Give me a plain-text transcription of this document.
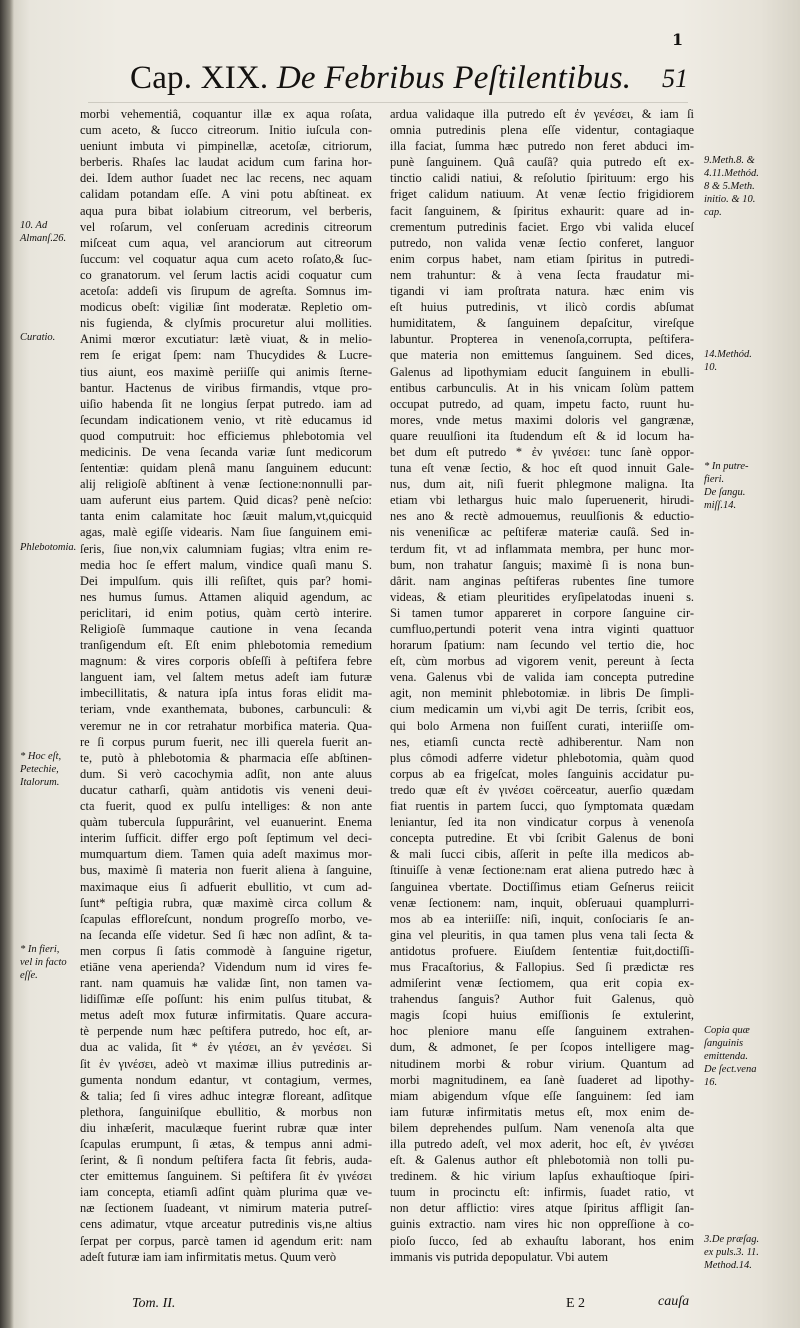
1
Cap. XIX. De Febribus Peſtilentibus.	51
morbi vehementiâ, coquantur illæ ex aqua roſata,
cum aceto, & ſucco citreorum. Initio iuſcula con-
ueniunt imbuta vi pimpinellæ, acetoſæ, citriorum,
berberis. Rhaſes lac laudat acidum cum farina hor-
dei. Idem author ſuadet nec lac recens, nec aquam
calidam potandam eſſe. A vini potu abſtineat. ex
aqua pura bibat iolabium citreorum, vel berberis,
vel roſarum, vel conſeruam acredinis citreorum
miſceat cum aqua, vel aranciorum aut citreorum
ſuccum: vel coquatur aqua cum aceto roſato,& ſuc-
co granatorum. vel ſerum lactis acidi coquatur cum
acetoſa: addeſi vis ſirupum de agreſta. Somnus im-
modicus obeſt: vigiliæ ſint moderatæ. Repletio om-
nis fugienda, & clyſmis procuretur alui mollities.
Animi mœror excutiatur: lætè viuat, & in melio-
rem ſe erigat ſpem: nam Thucydides & Lucre-
tius aiunt, eos maximè periiſſe qui animis ſterne-
bantur. Hactenus de viribus firmandis, vtque pro-
uiſio habenda ſit ne longius ſerpat putredo. iam ad
ſecundam indicationem venio, vt ritè educamus id
quod computruit: hoc efficiemus phlebotomia vel
medicinis. De vena ſecanda variæ ſunt medicorum
ſententiæ: quidam plenâ manu ſanguinem educunt:
alij religioſè abſtinent à venæ ſectione:nonnulli par-
uam auferunt eius partem. Quid dicas? penè neſcio:
tanta enim calamitate hoc ſæuit malum,vt,quicquid
agas, malè egiſſe videaris. Nam ſiue ſanguinem emi-
ſeris, ſiue non,vix calumniam fugias; vltra enim re-
media hoc ſe effert malum, vindice quaſi manu S.
Dei impulſum. quis illi reſiſtet, quis par? homi-
nes humus ſumus. Attamen aliquid agendum, ac
periclitari, id enim potius, quàm certò interire.
Religioſè ſummaque cautione in vena ſecanda
tranſigendum eſt. Eſt enim phlebotomia remedium
magnum: & vires corporis obſeſſi à peſtifera febre
languent iam, vel ſaltem metus adeſt iam futuræ
imbecillitatis, & natura ipſa intus foras elidit ma-
teriam, vnde exanthemata, bubones, carbunculi: &
veremur ne in cor retrahatur morbifica materia. Qua-
re ſi corpus purum fuerit, nec illi querela fuerit an-
te, putò à phlebotomia & pharmacia eſſe abſtinen-
dum. Si verò cacochymia adſit, non ante aluus
ducatur catharſi, quàm antidotis vis veneni deui-
cta fuerit, quod ex pulſu intelliges: & non ante
quàm tubercula ſuppurârint, vel euanuerint. Enema
interim ſufficit. differ ergo poſt ſeptimum vel deci-
mumquartum diem. Tamen quia adeſt maximus mor-
bus, maximè ſi materia non fuerit aliena à ſanguine,
maximaque eius ſi adfuerit ebullitio, vt cum ad-
ſunt* peſtigia rubra, quæ maximè circa collum &
ſcapulas effloreſcunt, nondum progreſſo morbo, ve-
na ſecanda eſſe videtur. Sed ſi hæc non adſint, & ta-
men corpus ſi ſatis commodè à ſanguine rigetur,
etiāne vena aperienda? Videndum num id vires fe-
rant. nam quamuis hæ validæ ſint, non tamen va-
lidiſſimæ eſſe poſſunt: his enim pulſus titubat, &
metus adeſt mox futuræ infirmitatis. Quare accura-
tè perpende num hæc peſtifera putredo, hoc eſt, ar-
dua ac valida, ſit * ἐν γιέσει, an ἐν γενέσει. Si
ſit ἐν γινέσει, adeò vt maximæ illius putredinis ar-
gumenta nondum edantur, vt contagium, vermes,
& talia; ſed ſi vires adhuc integræ floreant, adſitque
plethora, ſanguiniſque ebullitio, & morbus non
diu inhæſerit, maculæque fuerint rubræ quæ inter
ſcapulas erumpunt, ſi ætas, & tempus anni admi-
ſerint, & ſi nondum peſtifera facta ſit febris, auda-
cter emittemus ſanguinem. Si peſtifera ſit ἐν γινέσει
iam concepta, etiamſi adſint quàm plurima quæ ve-
næ ſectionem ſuadeant, vt nimirum materia putreſ-
cens adimatur, vtque arceatur putredinis vis,ne altius
ſerpat per corpus, parcè tamen id agendum erit: nam
adeſt futuræ iam iam infirmitatis metus. Quum verò
ardua validaque illa putredo eſt ἐν γενέσει, & iam ſi
omnia putredinis plena eſſe videntur, contagiaque
illa faciat, ſumma hæc putredo non feret abduci im-
punè ſanguinem. Quâ cauſâ? quia putredo eſt ex-
tinctio calidi natiui, & reſolutio ſpirituum: ergo his
friget calidum natiuum. At venæ ſectio frigidiorem
facit ſanguinem, & ſpiritus exhaurit: quare ad in-
crementum putredinis faciet. Ergo vbi valida eluceſ
putredo, non valida venæ ſectio conferet, languor
enim corpus habet, nam etiam ſpiritus in putredi-
nem trahuntur: & à vena ſecta fraudatur mi-
tigandi vi iam proſtrata natura. hæc enim vis
eſt huius putredinis, vt ilicò cordis abſumat
humiditatem, & ſanguinem depaſcitur, vireſque
labuntur. Propterea in venenoſa,corrupta, peſtifera-
que materia non emittemus ſanguinem. Sed dices,
Galenus ad lipothymiam educit ſanguinem in ebulli-
entibus carbunculis. At in his vnicam ſolùm pattem
occupat putredo, ad quam, impetu facto, ruunt hu-
mores, vnde metus maximi doloris vel gangrænæ,
quare reuulſioni ita ſtudendum eſt & id locum ha-
bet dum eſt putredo * ἐν γινέσει: tunc ſanè oppor-
tuna eſt venæ ſectio, & hoc eſt quod innuit Gale-
nus, dum ait, niſi fuerit phlegmone maligna. Ita
etiam vbi lethargus huic malo ſuperuenerit, hirudi-
nes ano & rectè admouemus, reuulſionis & eductio-
nis veneniſicæ ac peſtiferæ materiæ cauſâ. Sed in-
terdum fit, vt ad inflammata membra, per hunc mor-
bum, non trahatur ſanguis; maximè ſi is nona bun-
dârit. nam anginas peſtiferas rubentes ſine tumore
videas, & etiam pleuritides eryſipelatodas inueni s.
Si tamen tumor appareret in corpore ſanguine cir-
cumfluo,pertundi poterit vena intra viginti quattuor
horarum ſpatium: nam ſecundo vel tertio die, hoc
eſt, cùm morbus ad vigorem venit, pereunt à ſecta
vena. Galenus vbi de valida iam concepta putredine
agit, non meminit phlebotomiæ. in libris De ſimpli-
cium medicamin um vi,vbi agit De terris, ſcribit eos,
qui bolo Armena non fuiſſent curati, interiiſſe om-
nes, etiamſi cuncta rectè adhiberentur. Nam non
plus cômodi adferre videtur phlebotomia, quàm quod
corpus ab ea frigeſcat, moles ſanguinis accidatur pu-
tredo quæ eſt ἐν γινέσει coërceatur, auerſio quædam
fiat ruentis in partem ſucci, quo ſymptomata quædam
leniantur, ſed ita non vindicatur corpus à venenoſa
concepta putredine. Et vbi ſcribit Galenus de boni
& mali ſucci cibis, aſſerit in peſte illa medicos ab-
ſtinuiſſe à venæ ſectione:nam erat aliena putredo hæc à
ſanguinea vbertate. Doctiſſimus etiam Geſnerus reiicit
venæ ſectionem: nam, inquit, obſeruaui quamplurri-
mos ab ea interiiſſe: niſi, inquit, conſociaris ſe an-
gina vel pleuritis, in qua tamen plus vena tali ſecta &
antidotus profuere. Eiuſdem ſententiæ fuit,doctiſſi-
mus Fracaſtorius, & Fallopius. Sed ſi prædictæ res
admiſerint venæ ſectiomem, qua erit copia ex-
trahendus ſanguis? Author fuit Galenus, quò
magis ſcopi huius emiſſionis ſe extulerint,
hoc pleniore manu eſſe ſanguinem extrahen-
dum, & admonet, ſe per ſcopos intelligere mag-
nitudinem morbi & robur virium. Quantum ad
morbi magnitudinem, ea ſanè ſuaderet ad lipothy-
miam abigendum vſque eſſe ſanguinem: ſed iam
iam futuræ infirmitatis metus eſt, mox enim de-
bilem deprehendes pulſum. Nam venenoſa alta que
illa putredo adeſt, vel mox aderit, hoc eſt, ἐν γινέσει
eſt. & Galenus author eſt phlebotomià non tolli pu-
tredinem. & hic virium lapſus exhauſtioque ſpiri-
tuum in procinctu eſt: infirmis, ſuadet ratio, vt
non detur afflictio: vires atque ſpiritus affligit ſan-
guinis extractio. nam vires hic non oppreſſione à co-
pioſo ſucco, ſed ab exhauſtu laborant, hos enim
immanis vis putrida depopulatur. Vbi autem
10. Ad
Almanſ.26.
Curatio.
Phlebotomia.
* Hoc eſt,
Petechie,
Italorum.
* In fieri,
vel in facto
eſſe.
9.Meth.8. &
4.11.Methód.
8 & 5.Meth.
initio. & 10.
cap.
14.Methód.
10.
* In putre-
fieri.
De ſangu.
miſſ.14.
Copia quæ
ſanguinis
emittenda.
De ſect.vena
16.
3.De præſag.
ex puls.3. 11.
Method.14.
Tom. II.	E 2	cauſa
